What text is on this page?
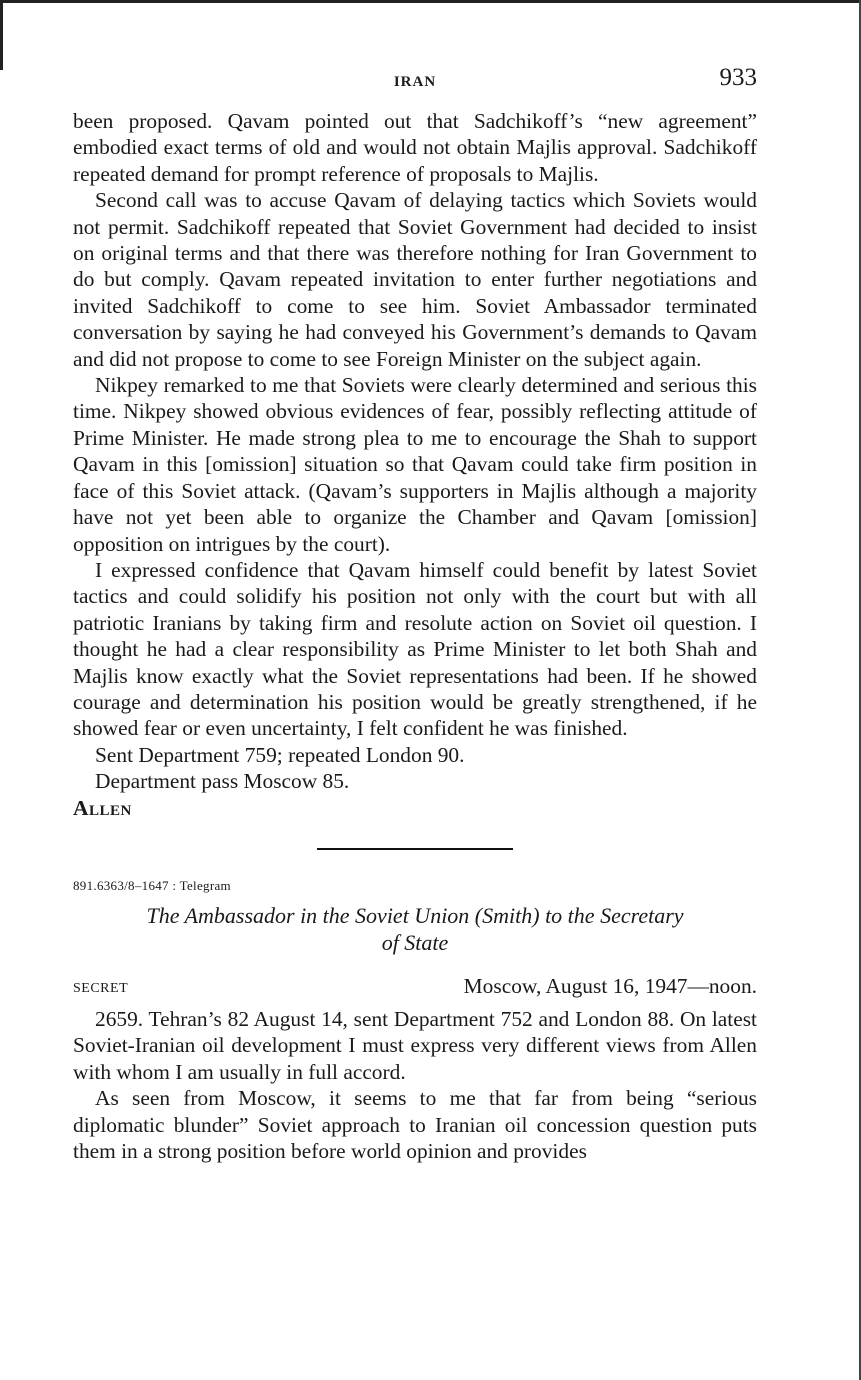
IRAN	933

been proposed. Qavam pointed out that Sadchikoff’s “new agreement” embodied exact terms of old and would not obtain Majlis approval. Sadchikoff repeated demand for prompt reference of proposals to Majlis.

Second call was to accuse Qavam of delaying tactics which Soviets would not permit. Sadchikoff repeated that Soviet Government had decided to insist on original terms and that there was therefore nothing for Iran Government to do but comply. Qavam repeated invitation to enter further negotiations and invited Sadchikoff to come to see him. Soviet Ambassador terminated conversation by saying he had conveyed his Government’s demands to Qavam and did not propose to come to see Foreign Minister on the subject again.

Nikpey remarked to me that Soviets were clearly determined and serious this time. Nikpey showed obvious evidences of fear, possibly reflecting attitude of Prime Minister. He made strong plea to me to encourage the Shah to support Qavam in this [omission] situation so that Qavam could take firm position in face of this Soviet attack. (Qavam’s supporters in Majlis although a majority have not yet been able to organize the Chamber and Qavam [omission] opposition on intrigues by the court).

I expressed confidence that Qavam himself could benefit by latest Soviet tactics and could solidify his position not only with the court but with all patriotic Iranians by taking firm and resolute action on Soviet oil question. I thought he had a clear responsibility as Prime Minister to let both Shah and Majlis know exactly what the Soviet representations had been. If he showed courage and determination his position would be greatly strengthened, if he showed fear or even uncertainty, I felt confident he was finished.

Sent Department 759; repeated London 90.

Department pass Moscow 85.

Allen

891.6363/8–1647 : Telegram

The Ambassador in the Soviet Union (Smith) to the Secretary
of State
SECRET	Moscow, August 16, 1947—noon.

2659. Tehran’s 82 August 14, sent Department 752 and London 88. On latest Soviet-Iranian oil development I must express very different views from Allen with whom I am usually in full accord.

As seen from Moscow, it seems to me that far from being “serious diplomatic blunder” Soviet approach to Iranian oil concession question puts them in a strong position before world opinion and provides
